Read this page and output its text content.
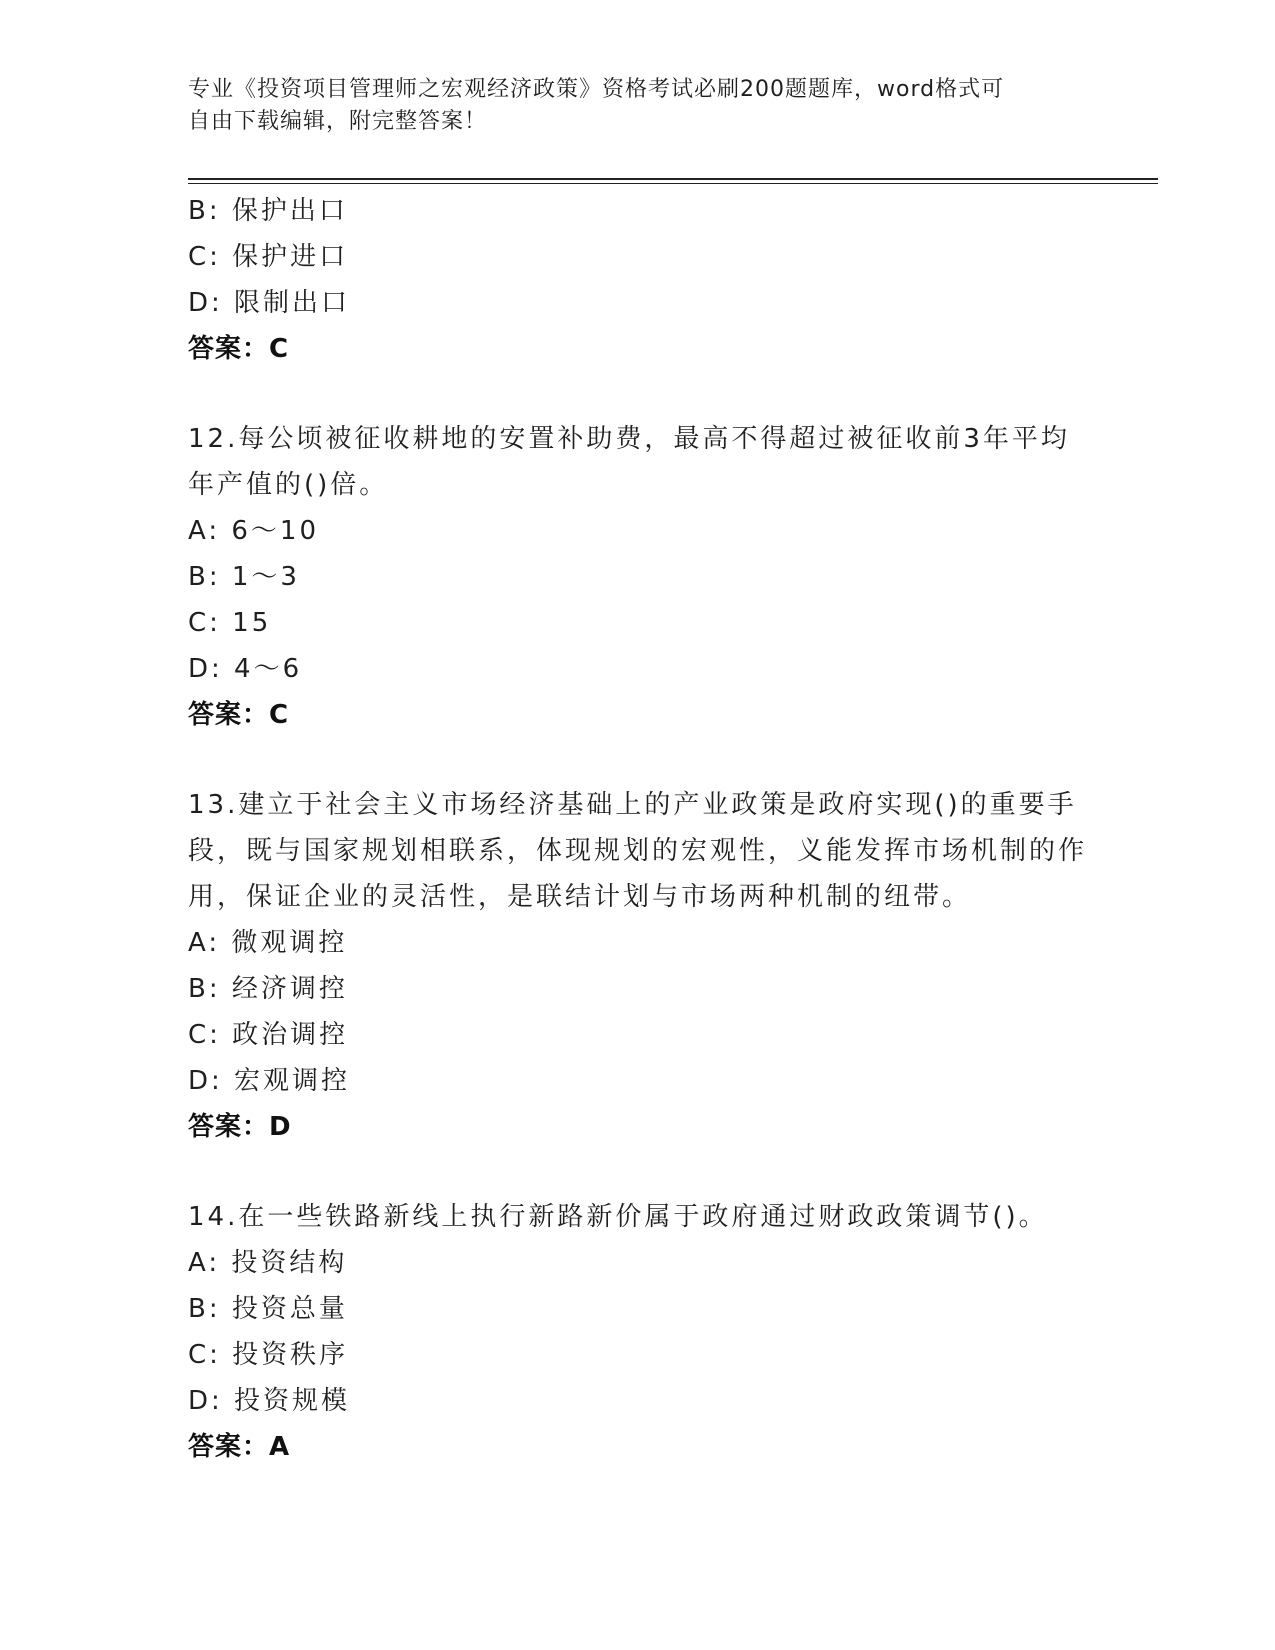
专业《投资项目管理师之宏观经济政策》资格考试必刷200题题库，word格式可
自由下载编辑，附完整答案！
B: 保护出口
C: 保护进口
D: 限制出口
答案：C
12.每公顷被征收耕地的安置补助费，最高不得超过被征收前3年平均年产值的()倍。
A: 6～10
B: 1～3
C: 15
D: 4～6
答案：C
13.建立于社会主义市场经济基础上的产业政策是政府实现()的重要手段，既与国家规划相联系，体现规划的宏观性，义能发挥市场机制的作用，保证企业的灵活性，是联结计划与市场两种机制的纽带。
A: 微观调控
B: 经济调控
C: 政治调控
D: 宏观调控
答案：D
14.在一些铁路新线上执行新路新价属于政府通过财政政策调节()。
A: 投资结构
B: 投资总量
C: 投资秩序
D: 投资规模
答案：A
